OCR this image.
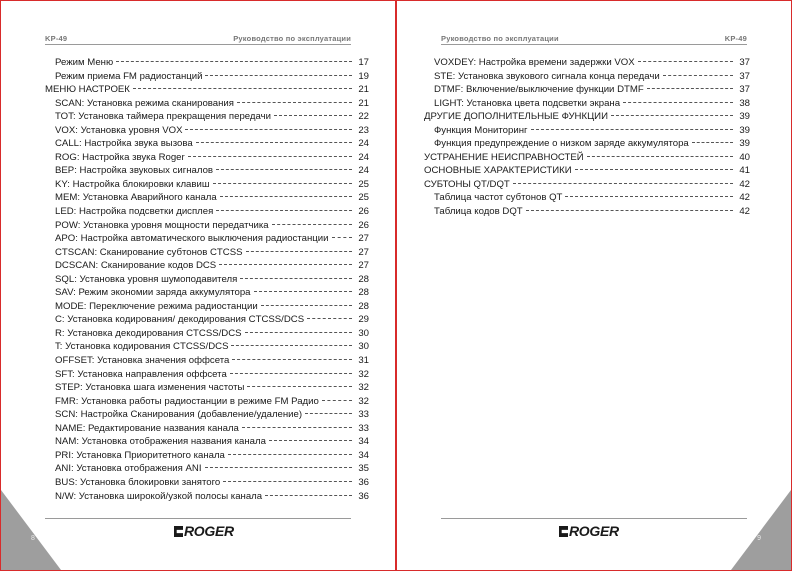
KP-49	Руководство по эксплуатации
Режим Меню	17
Режим приема FM радиостанций	19
МЕНЮ НАСТРОЕК	21
SCAN: Установка режима сканирования	21
TOT: Установка таймера прекращения передачи	22
VOX: Установка уровня VOX	23
CALL: Настройка звука вызова	24
ROG: Настройка звука Roger	24
BEP: Настройка звуковых сигналов	24
KY: Настройка блокировки клавиш	25
MEM: Установка Аварийного канала	25
LED: Настройка подсветки дисплея	26
POW: Установка уровня мощности передатчика	26
APO: Настройка автоматического выключения радиостанции	27
CTSCAN: Сканирование субтонов CTCSS	27
DCSCAN: Сканирование кодов DCS	27
SQL: Установка уровня шумоподавителя	28
SAV: Режим экономии заряда аккумулятора	28
MODE: Переключение режима радиостанции	28
C: Установка кодирования/ декодирования CTCSS/DCS	29
R: Установка декодирования CTCSS/DCS	30
T: Установка кодирования CTCSS/DCS	30
OFFSET: Установка значения оффсета	31
SFT: Установка направления оффсета	32
STEP: Установка шага изменения частоты	32
FMR: Установка работы радиостанции в режиме FM Радио	32
SCN: Настройка Сканирования (добавление/удаление)	33
NAME: Редактирование названия канала	33
NAM: Установка отображения названия канала	34
PRI: Установка Приоритетного канала	34
ANI: Установка отображения ANI	35
BUS: Установка блокировки занятого	36
N/W: Установка широкой/узкой полосы канала	36
ROGER
8
Руководство по эксплуатации	KP-49
VOXDEY: Настройка времени задержки VOX	37
STE: Установка звукового сигнала конца передачи	37
DTMF: Включение/выключение функции DTMF	37
LIGHT: Установка цвета подсветки экрана	38
ДРУГИЕ ДОПОЛНИТЕЛЬНЫЕ ФУНКЦИИ	39
Функция Мониторинг	39
Функция предупреждение о низком заряде аккумулятора	39
УСТРАНЕНИЕ НЕИСПРАВНОСТЕЙ	40
ОСНОВНЫЕ ХАРАКТЕРИСТИКИ	41
СУБТОНЫ QT/DQT	42
Таблица частот субтонов QT	42
Таблица кодов DQT	42
ROGER	9
